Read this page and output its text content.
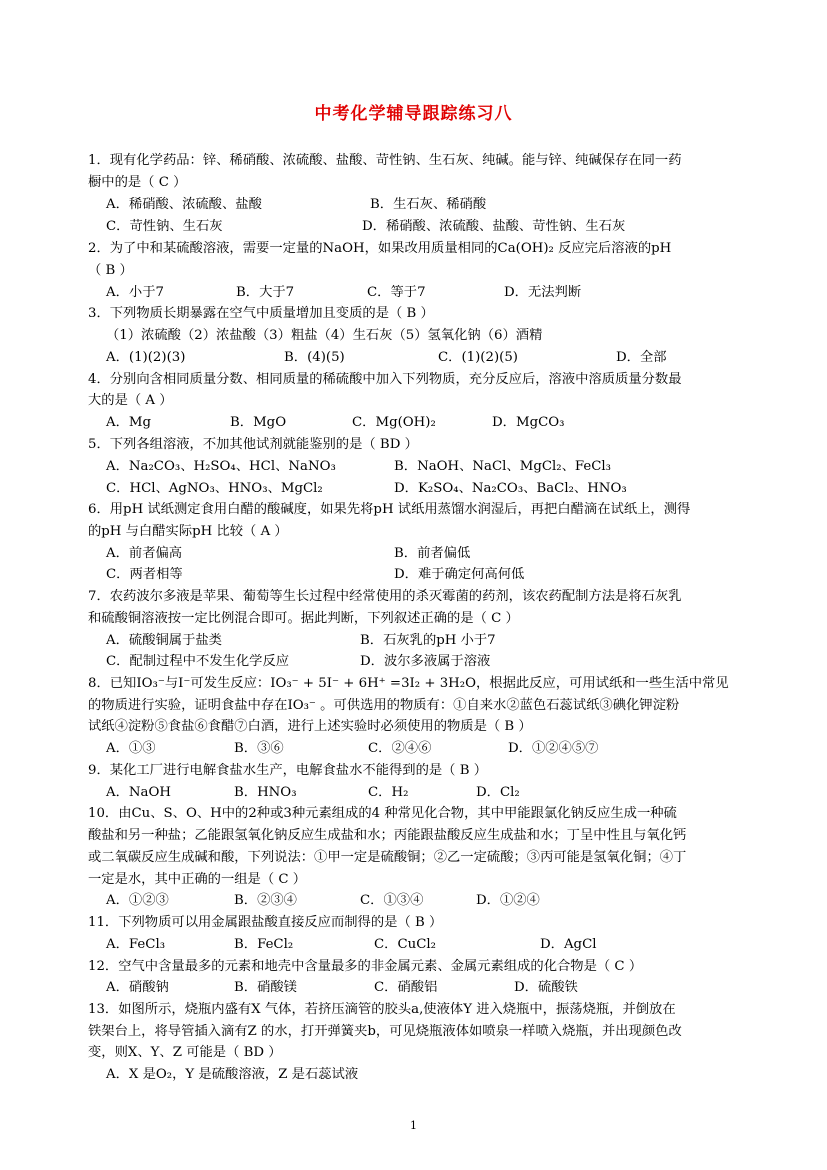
中考化学辅导跟踪练习八
1．现有化学药品：锌、稀硝酸、浓硫酸、盐酸、苛性钠、生石灰、纯碱。能与锌、纯碱保存在同一药
橱中的是（ C ）
A．稀硝酸、浓硫酸、盐酸	B．生石灰、稀硝酸
C．苛性钠、生石灰	D．稀硝酸、浓硫酸、盐酸、苛性钠、生石灰
2．为了中和某硫酸溶液，需要一定量的NaOH，如果改用质量相同的Ca(OH)₂ 反应完后溶液的pH
（ B ）
A．小于7	B．大于7	C．等于7	D．无法判断
3．下列物质长期暴露在空气中质量增加且变质的是（ B ）
（1）浓硫酸（2）浓盐酸（3）粗盐（4）生石灰（5）氢氧化钠（6）酒精
A．(1)(2)(3)	B．(4)(5)	C．(1)(2)(5)	D．全部
4．分别向含相同质量分数、相同质量的稀硫酸中加入下列物质，充分反应后，溶液中溶质质量分数最
大的是（ A ）
A．Mg	B．MgO	C．Mg(OH)₂	D．MgCO₃
5．下列各组溶液，不加其他试剂就能鉴别的是（ BD ）
A．Na₂CO₃、H₂SO₄、HCl、NaNO₃	B．NaOH、NaCl、MgCl₂、FeCl₃
C．HCl、AgNO₃、HNO₃、MgCl₂	D．K₂SO₄、Na₂CO₃、BaCl₂、HNO₃
6．用pH 试纸测定食用白醋的酸碱度，如果先将pH 试纸用蒸馏水润湿后，再把白醋滴在试纸上，测得
的pH 与白醋实际pH 比较（ A ）
A．前者偏高	B．前者偏低
C．两者相等	D．难于确定何高何低
7．农药波尔多液是苹果、葡萄等生长过程中经常使用的杀灭霉菌的药剂，该农药配制方法是将石灰乳
和硫酸铜溶液按一定比例混合即可。据此判断，下列叙述正确的是（ C ）
A．硫酸铜属于盐类	B．石灰乳的pH 小于7
C．配制过程中不发生化学反应	D．波尔多液属于溶液
8．已知IO₃⁻与I⁻可发生反应：IO₃⁻ + 5I⁻ + 6H⁺ =3I₂ + 3H₂O，根据此反应，可用试纸和一些生活中常见
的物质进行实验，证明食盐中存在IO₃⁻ 。可供选用的物质有：①自来水②蓝色石蕊试纸③碘化钾淀粉
试纸④淀粉⑤食盐⑥食醋⑦白酒，进行上述实验时必须使用的物质是（ B ）
A．①③	B．③⑥	C．②④⑥	D．①②④⑤⑦
9．某化工厂进行电解食盐水生产，电解食盐水不能得到的是（ B ）
A．NaOH	B．HNO₃	C．H₂	D．Cl₂
10．由Cu、S、O、H中的2种或3种元素组成的4 种常见化合物，其中甲能跟氯化钠反应生成一种硫
酸盐和另一种盐；乙能跟氢氧化钠反应生成盐和水；丙能跟盐酸反应生成盐和水；丁呈中性且与氧化钙
或二氧碳反应生成碱和酸，下列说法：①甲一定是硫酸铜；②乙一定硫酸；③丙可能是氢氧化铜；④丁
一定是水，其中正确的一组是（ C ）
A．①②③	B．②③④	C．①③④	D．①②④
11．下列物质可以用金属跟盐酸直接反应而制得的是（ B ）
A．FeCl₃	B．FeCl₂	C．CuCl₂	D．AgCl
12．空气中含量最多的元素和地壳中含量最多的非金属元素、金属元素组成的化合物是（ C ）
A．硝酸钠	B．硝酸镁	C．硝酸铝	D．硫酸铁
13．如图所示，烧瓶内盛有X 气体，若挤压滴管的胶头a,使液体Y 进入烧瓶中，振荡烧瓶，并倒放在
铁架台上，将导管插入滴有Z 的水，打开弹簧夹b，可见烧瓶液体如喷泉一样喷入烧瓶，并出现颜色改
变，则X、Y、Z 可能是（ BD ）
A．X 是O₂，Y 是硫酸溶液，Z 是石蕊试液
1
